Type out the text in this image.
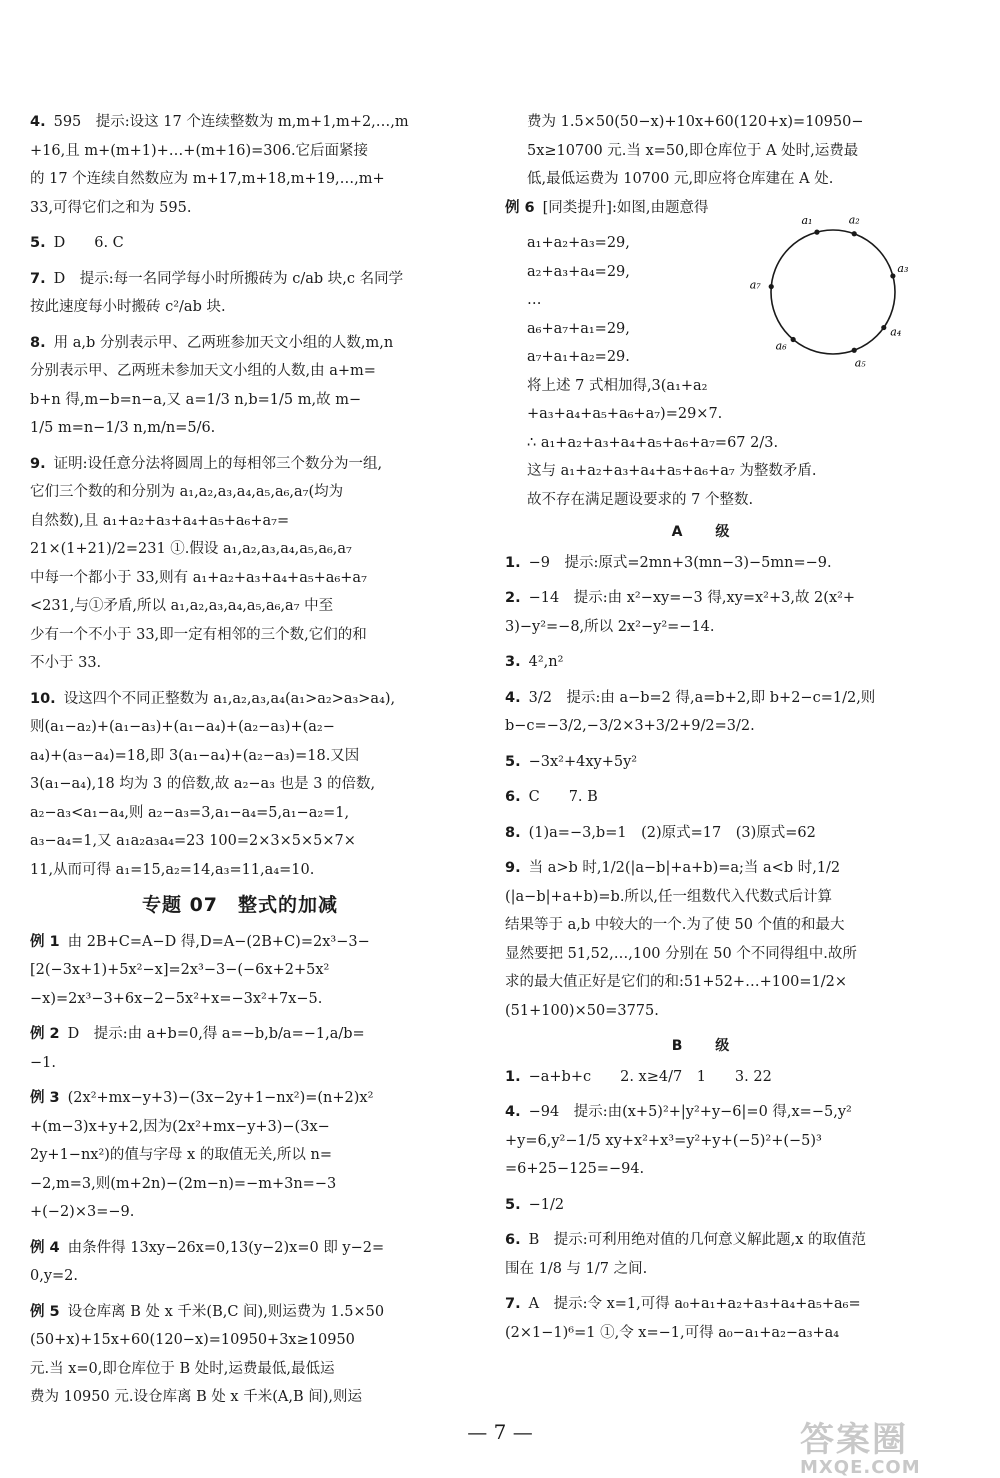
4. 595　提示:设这 17 个连续整数为 m,m+1,m+2,…,m
+16,且 m+(m+1)+…+(m+16)=306.它后面紧接
的 17 个连续自然数应为 m+17,m+18,m+19,…,m+
33,可得它们之和为 595.
5. D　　6. C
7. D　提示:每一名同学每小时所搬砖为 c/ab 块,c 名同学
按此速度每小时搬砖 c²/ab 块.
8. 用 a,b 分别表示甲、乙两班参加天文小组的人数,m,n
分别表示甲、乙两班未参加天文小组的人数,由 a+m=
b+n 得,m−b=n−a,又 a=1/3 n,b=1/5 m,故 m−
1/5 m=n−1/3 n,m/n=5/6.
9. 证明:设任意分法将圆周上的每相邻三个数分为一组,
它们三个数的和分别为 a₁,a₂,a₃,a₄,a₅,a₆,a₇(均为
自然数),且 a₁+a₂+a₃+a₄+a₅+a₆+a₇=
21×(1+21)/2=231 ①.假设 a₁,a₂,a₃,a₄,a₅,a₆,a₇
中每一个都小于 33,则有 a₁+a₂+a₃+a₄+a₅+a₆+a₇
<231,与①矛盾,所以 a₁,a₂,a₃,a₄,a₅,a₆,a₇ 中至
少有一个不小于 33,即一定有相邻的三个数,它们的和
不小于 33.
10. 设这四个不同正整数为 a₁,a₂,a₃,a₄(a₁>a₂>a₃>a₄),
则(a₁−a₂)+(a₁−a₃)+(a₁−a₄)+(a₂−a₃)+(a₂−
a₄)+(a₃−a₄)=18,即 3(a₁−a₄)+(a₂−a₃)=18.又因
3(a₁−a₄),18 均为 3 的倍数,故 a₂−a₃ 也是 3 的倍数,
a₂−a₃<a₁−a₄,则 a₂−a₃=3,a₁−a₄=5,a₁−a₂=1,
a₃−a₄=1,又 a₁a₂a₃a₄=23 100=2×3×5×5×7×
11,从而可得 a₁=15,a₂=14,a₃=11,a₄=10.
专题 07　整式的加减
例 1 由 2B+C=A−D 得,D=A−(2B+C)=2x³−3−
[2(−3x+1)+5x²−x]=2x³−3−(−6x+2+5x²
−x)=2x³−3+6x−2−5x²+x=−3x²+7x−5.
例 2 D　提示:由 a+b=0,得 a=−b,b/a=−1,a/b=
−1.
例 3 (2x²+mx−y+3)−(3x−2y+1−nx²)=(n+2)x²
+(m−3)x+y+2,因为(2x²+mx−y+3)−(3x−
2y+1−nx²)的值与字母 x 的取值无关,所以 n=
−2,m=3,则(m+2n)−(2m−n)=−m+3n=−3
+(−2)×3=−9.
例 4 由条件得 13xy−26x=0,13(y−2)x=0 即 y−2=
0,y=2.
例 5 设仓库离 B 处 x 千米(B,C 间),则运费为 1.5×50
(50+x)+15x+60(120−x)=10950+3x≥10950
元.当 x=0,即仓库位于 B 处时,运费最低,最低运
费为 10950 元.设仓库离 B 处 x 千米(A,B 间),则运
费为 1.5×50(50−x)+10x+60(120+x)=10950−
5x≥10700 元.当 x=50,即仓库位于 A 处时,运费最
低,最低运费为 10700 元,即应将仓库建在 A 处.
例 6 [同类提升]:如图,由题意得
a₁+a₂+a₃=29,
a₂+a₃+a₄=29,
…
a₆+a₇+a₁=29,
a₇+a₁+a₂=29.
将上述 7 式相加得,3(a₁+a₂
+a₃+a₄+a₅+a₆+a₇)=29×7.
∴ a₁+a₂+a₃+a₄+a₅+a₆+a₇=67 2/3.
这与 a₁+a₂+a₃+a₄+a₅+a₆+a₇ 为整数矛盾.
故不存在满足题设要求的 7 个整数.
A 级
1. −9　提示:原式=2mn+3(mn−3)−5mn=−9.
2. −14　提示:由 x²−xy=−3 得,xy=x²+3,故 2(x²+
3)−y²=−8,所以 2x²−y²=−14.
3. 4²,n²
4. 3/2　提示:由 a−b=2 得,a=b+2,即 b+2−c=1/2,则
b−c=−3/2,−3/2×3+3/2+9/2=3/2.
5. −3x²+4xy+5y²
6. C　　7. B
8. (1)a=−3,b=1　(2)原式=17　(3)原式=62
9. 当 a>b 时,1/2(|a−b|+a+b)=a;当 a<b 时,1/2
(|a−b|+a+b)=b.所以,任一组数代入代数式后计算
结果等于 a,b 中较大的一个.为了使 50 个值的和最大
显然要把 51,52,…,100 分别在 50 个不同得组中.故所
求的最大值正好是它们的和:51+52+…+100=1/2×
(51+100)×50=3775.
B 级
1. −a+b+c　　2. x≥4/7　1　　3. 22
4. −94　提示:由(x+5)²+|y²+y−6|=0 得,x=−5,y²
+y=6,y²−1/5 xy+x²+x³=y²+y+(−5)²+(−5)³
=6+25−125=−94.
5. −1/2
6. B　提示:可利用绝对值的几何意义解此题,x 的取值范
围在 1/8 与 1/7 之间.
7. A　提示:令 x=1,可得 a₀+a₁+a₂+a₃+a₄+a₅+a₆=
(2×1−1)⁶=1 ①,令 x=−1,可得 a₀−a₁+a₂−a₃+a₄
a₁	a₂
a₃
a₄
a₅
a₆
a₇
— 7 —	答案圈
MXQE.COM
